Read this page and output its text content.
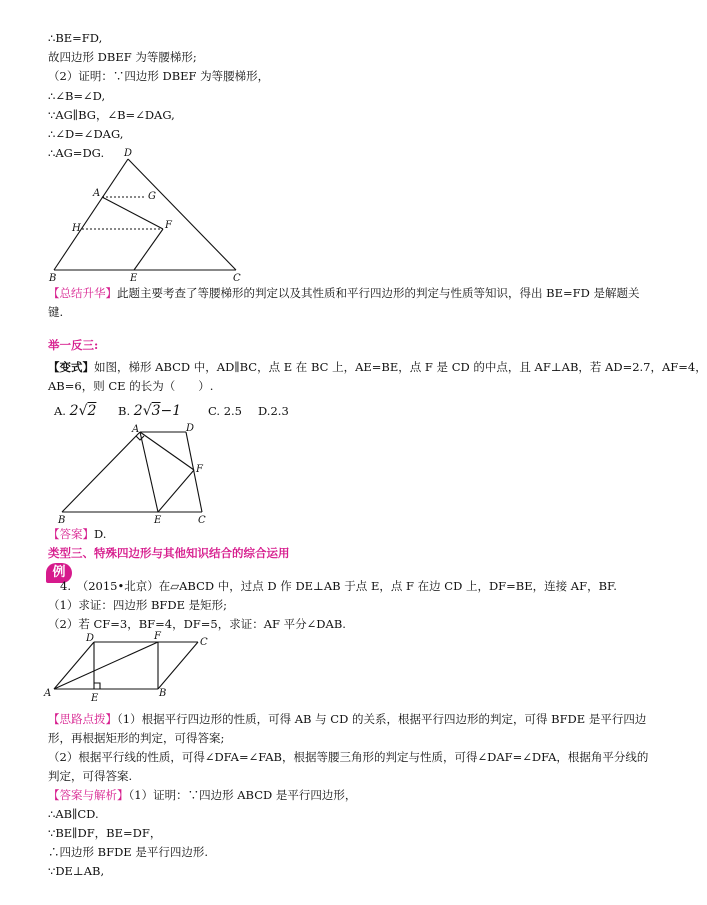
∴BE=FD,
故四边形 DBEF 为等腰梯形;
（2）证明：∵四边形 DBEF 为等腰梯形，
∴∠B=∠D,
∵AG∥BG，∠B=∠DAG,
∴∠D=∠DAG,
∴AG=DG. D
A	G
F
H
B	E	C
【总结升华】此题主要考查了等腰梯形的判定以及其性质和平行四边形的判定与性质等知识，得出 BE=FD 是解题关
键.
举一反三:
【变式】如图，梯形 ABCD 中，AD∥BC，点 E 在 BC 上，AE=BE，点 F 是 CD 的中点，且 AF⊥AB，若 AD=2.7，AF=4，
AB=6，则 CE 的长为（　　）.
A. 2√2 B. 2√3−1 C. 2.5 D.2.3
A	D
F
B	E	C
【答案】D.
类型三、特殊四边形与其他知识结合的综合运用
例
4.　（2015•北京）在▱ABCD 中，过点 D 作 DE⊥AB 于点 E，点 F 在边 CD 上，DF=BE，连接 AF，BF.
（1）求证：四边形 BFDE 是矩形;
（2）若 CF=3，BF=4，DF=5，求证：AF 平分∠DAB.
D	F
C
A	E	B
【思路点拨】（1）根据平行四边形的性质，可得 AB 与 CD 的关系，根据平行四边形的判定，可得 BFDE 是平行四边
形，再根据矩形的判定，可得答案;
（2）根据平行线的性质，可得∠DFA=∠FAB，根据等腰三角形的判定与性质，可得∠DAF=∠DFA，根据角平分线的
判定，可得答案.
【答案与解析】（1）证明：∵四边形 ABCD 是平行四边形，
∴AB∥CD.
∵BE∥DF，BE=DF，
∴四边形 BFDE 是平行四边形.
∵DE⊥AB,
